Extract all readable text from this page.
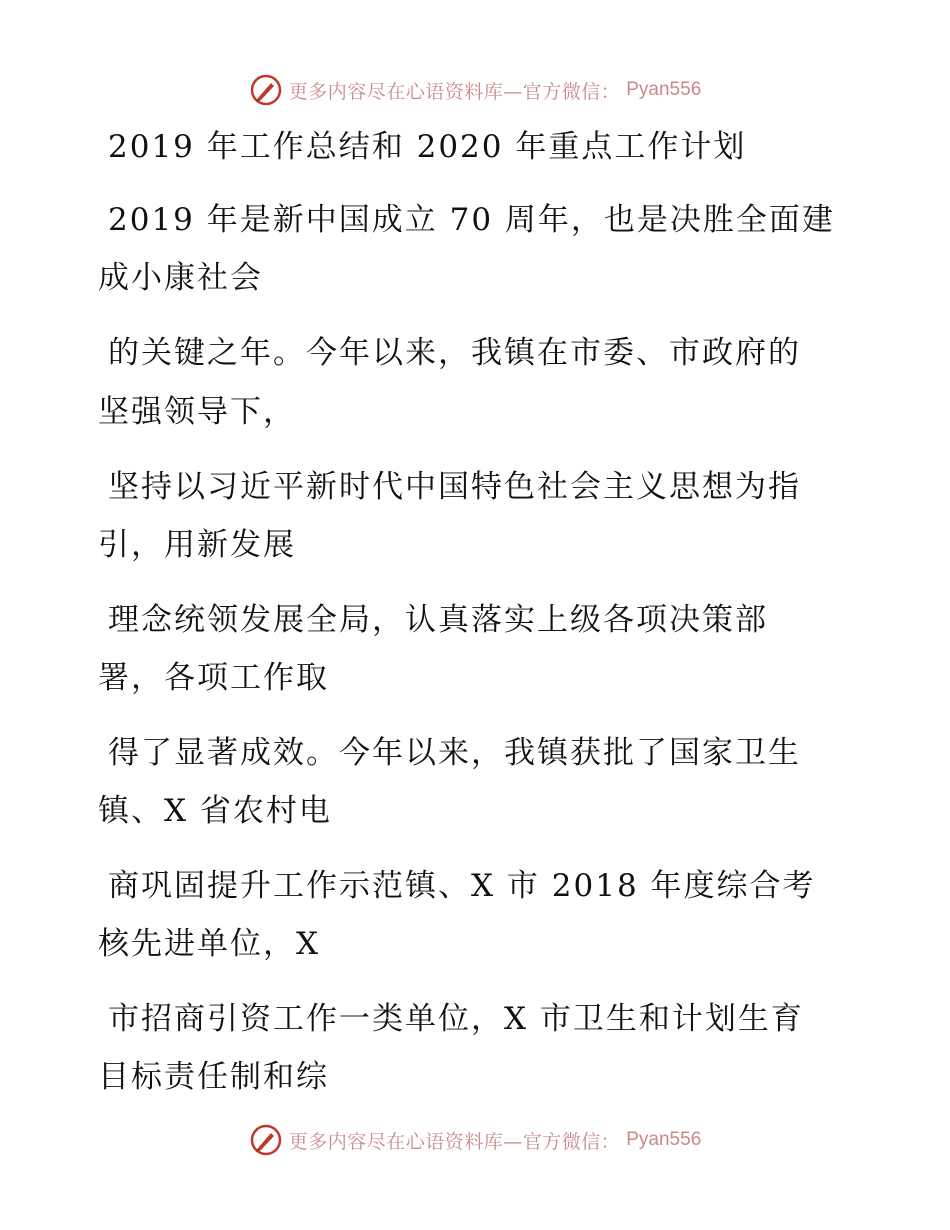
更多内容尽在心语资料库—官方微信： Pyan556
2019 年工作总结和 2020 年重点工作计划
2019 年是新中国成立 70 周年，也是决胜全面建
成小康社会
的关键之年。今年以来，我镇在市委、市政府的
坚强领导下，
坚持以习近平新时代中国特色社会主义思想为指
引，用新发展
理念统领发展全局，认真落实上级各项决策部
署，各项工作取
得了显著成效。今年以来，我镇获批了国家卫生
镇、X 省农村电
商巩固提升工作示范镇、X 市 2018 年度综合考
核先进单位，X
市招商引资工作一类单位，X 市卫生和计划生育
目标责任制和综
更多内容尽在心语资料库—官方微信： Pyan556
